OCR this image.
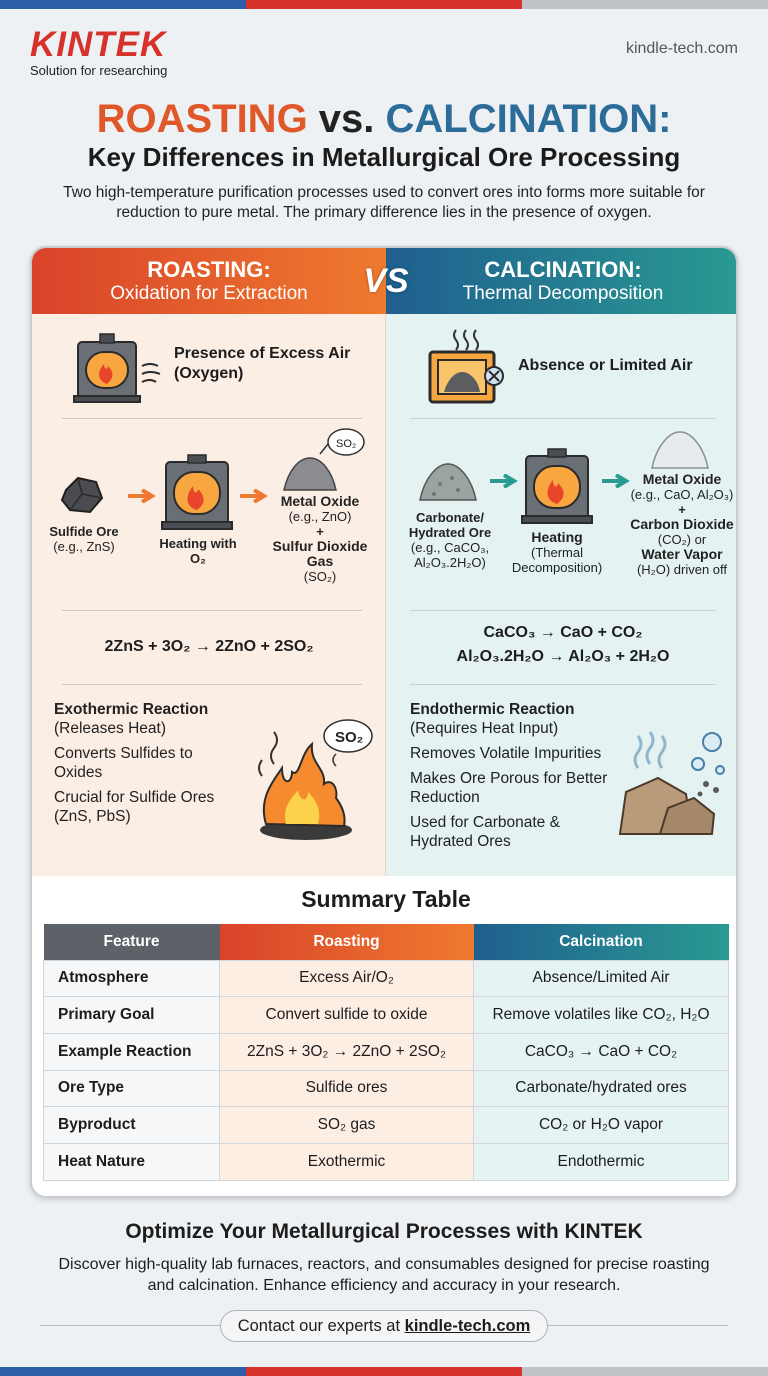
KINTEK
Solution for researching
kindle-tech.com
ROASTING vs. CALCINATION:
Key Differences in Metallurgical Ore Processing
Two high-temperature purification processes used to convert ores into forms more suitable for reduction to pure metal. The primary difference lies in the presence of oxygen.
ROASTING:
Oxidation for Extraction
CALCINATION:
Thermal Decomposition
VS
Presence of Excess Air (Oxygen)
Sulfide Ore
(e.g., ZnS)	Heating with O₂
SO₂
Metal Oxide
(e.g., ZnO)
+
Sulfur Dioxide Gas
(SO₂)
2ZnS + 3O₂ → 2ZnO + 2SO₂
Exothermic Reaction
(Releases Heat)
Converts Sulfides to Oxides
Crucial for Sulfide Ores (ZnS, PbS)
SO₂
Absence or Limited Air
Carbonate/ Hydrated Ore
(e.g., CaCO₃, Al₂O₃.2H₂O)
Heating
(Thermal Decomposition)
Metal Oxide
(e.g., CaO, Al₂O₃)
+
Carbon Dioxide
(CO₂) or
Water Vapor
(H₂O) driven off
CaCO₃ → CaO + CO₂
Al₂O₃.2H₂O → Al₂O₃ + 2H₂O
Endothermic Reaction
(Requires Heat Input)
Removes Volatile Impurities
Makes Ore Porous for Better Reduction
Used for Carbonate & Hydrated Ores
Summary Table
Feature	Roasting	Calcination
Atmosphere	Excess Air/O₂	Absence/Limited Air
Primary Goal	Convert sulfide to oxide	Remove volatiles like CO₂, H₂O
Example Reaction	2ZnS + 3O₂ → 2ZnO + 2SO₂	CaCO₃ → CaO + CO₂
Ore Type	Sulfide ores	Carbonate/hydrated ores
Byproduct	SO₂ gas	CO₂ or H₂O vapor
Heat Nature	Exothermic	Endothermic
Optimize Your Metallurgical Processes with KINTEK
Discover high-quality lab furnaces, reactors, and consumables designed for precise roasting and calcination. Enhance efficiency and accuracy in your research.
Contact our experts at kindle-tech.com
